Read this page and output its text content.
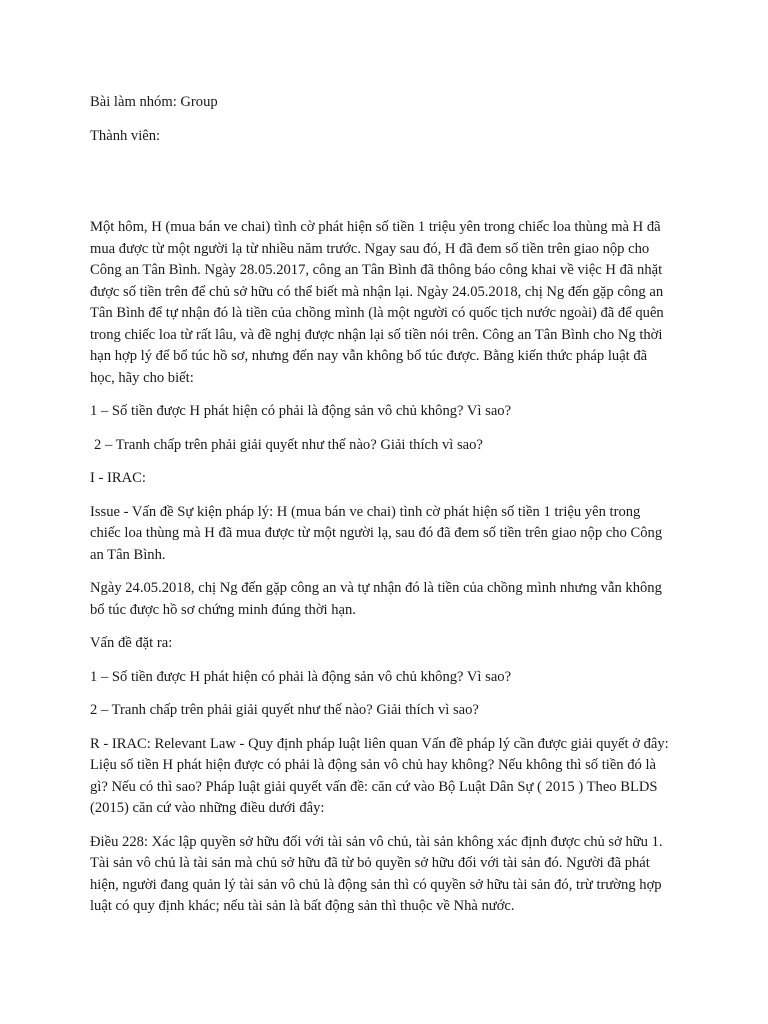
Bài làm nhóm: Group

Thành viên:

Một hôm, H (mua bán ve chai) tình cờ phát hiện số tiền 1 triệu yên trong chiếc loa thùng mà H đã mua được từ một người lạ từ nhiều năm trước. Ngay sau đó, H đã đem số tiền trên giao nộp cho Công an Tân Bình. Ngày 28.05.2017, công an Tân Bình đã thông báo công khai về việc H đã nhặt được số tiền trên để chủ sở hữu có thể biết mà nhận lại. Ngày 24.05.2018, chị Ng đến gặp công an Tân Bình để tự nhận đó là tiền của chồng mình (là một người có quốc tịch nước ngoài) đã để quên trong chiếc loa từ rất lâu, và đề nghị được nhận lại số tiền nói trên. Công an Tân Bình cho Ng thời hạn hợp lý để bổ túc hồ sơ, nhưng đến nay vẫn không bổ túc được. Bằng kiến thức pháp luật đã học, hãy cho biết:

1 – Số tiền được H phát hiện có phải là động sản vô chủ không? Vì sao?

2 – Tranh chấp trên phải giải quyết như thế nào? Giải thích vì sao?

I - IRAC:

Issue - Vấn đề Sự kiện pháp lý: H (mua bán ve chai) tình cờ phát hiện số tiền 1 triệu yên trong chiếc loa thùng mà H đã mua được từ một người lạ, sau đó đã đem số tiền trên giao nộp cho Công an Tân Bình.

Ngày 24.05.2018, chị Ng đến gặp công an và tự nhận đó là tiền của chồng mình nhưng vẫn không bổ túc được hồ sơ chứng minh đúng thời hạn.

Vấn đề đặt ra:

1 – Số tiền được H phát hiện có phải là động sản vô chủ không? Vì sao?

2 – Tranh chấp trên phải giải quyết như thế nào? Giải thích vì sao?

R - IRAC: Relevant Law - Quy định pháp luật liên quan Vấn đề pháp lý cần được giải quyết ở đây: Liệu số tiền H phát hiện được có phải là động sản vô chủ hay không? Nếu không thì số tiền đó là gì? Nếu có thì sao? Pháp luật giải quyết vấn đề: căn cứ vào Bộ Luật Dân Sự ( 2015 ) Theo BLDS (2015) căn cứ vào những điều dưới đây:

Điều 228: Xác lập quyền sở hữu đối với tài sản vô chủ, tài sản không xác định được chủ sở hữu 1. Tài sản vô chủ là tài sản mà chủ sở hữu đã từ bỏ quyền sở hữu đối với tài sản đó. Người đã phát hiện, người đang quản lý tài sản vô chủ là động sản thì có quyền sở hữu tài sản đó, trừ trường hợp luật có quy định khác; nếu tài sản là bất động sản thì thuộc về Nhà nước.
